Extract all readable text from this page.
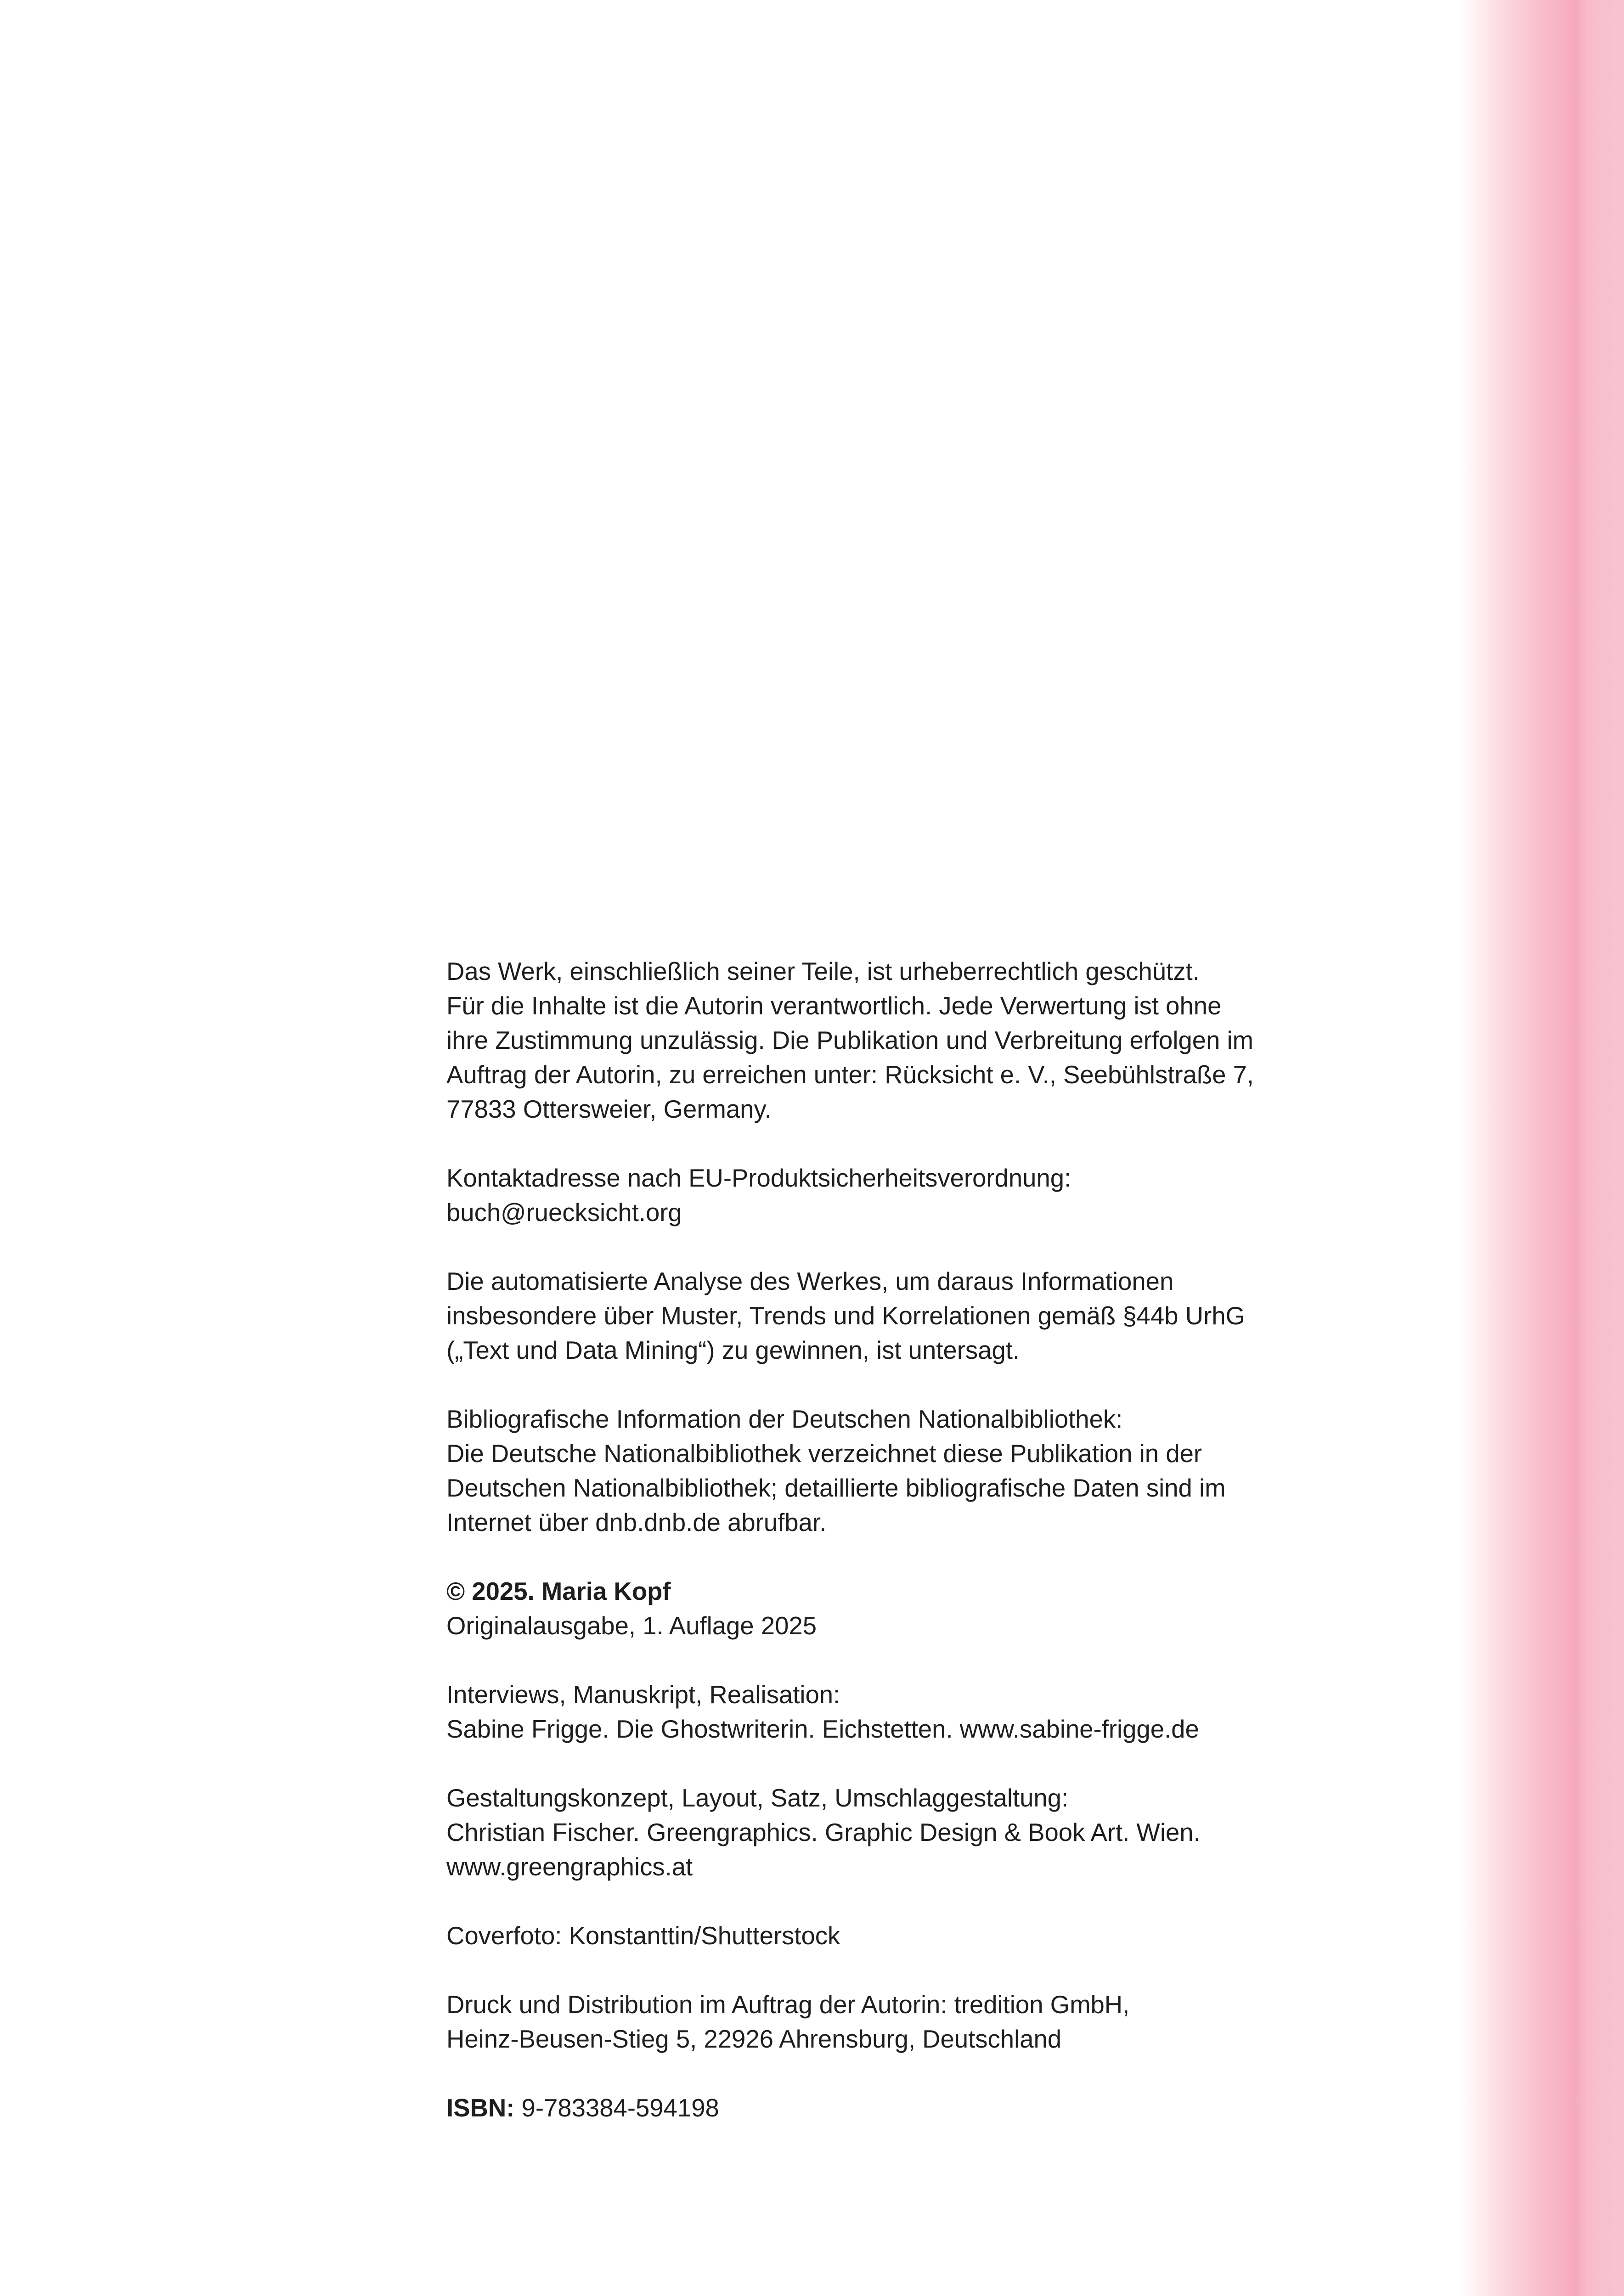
Das Werk, einschließlich seiner Teile, ist urheberrechtlich geschützt.
Für die Inhalte ist die Autorin verantwortlich. Jede Verwertung ist ohne
ihre Zustimmung unzulässig. Die Publikation und Verbreitung erfolgen im
Auftrag der Autorin, zu erreichen unter: Rücksicht e. V., Seebühlstraße 7,
77833 Ottersweier, Germany.

Kontaktadresse nach EU-Produktsicherheitsverordnung:
buch@ruecksicht.org

Die automatisierte Analyse des Werkes, um daraus Informationen
insbesondere über Muster, Trends und Korrelationen gemäß §44b UrhG
(„Text und Data Mining“) zu gewinnen, ist untersagt.

Bibliografische Information der Deutschen Nationalbibliothek:
Die Deutsche Nationalbibliothek verzeichnet diese Publikation in der
Deutschen Nationalbibliothek; detaillierte bibliografische Daten sind im
Internet über dnb.dnb.de abrufbar.

© 2025. Maria Kopf
Originalausgabe, 1. Auflage 2025

Interviews, Manuskript, Realisation:
Sabine Frigge. Die Ghostwriterin. Eichstetten. www.sabine-frigge.de

Gestaltungskonzept, Layout, Satz, Umschlaggestaltung:
Christian Fischer. Greengraphics. Graphic Design & Book Art. Wien.
www.greengraphics.at

Coverfoto: Konstanttin/Shutterstock

Druck und Distribution im Auftrag der Autorin: tredition GmbH,
Heinz-Beusen-Stieg 5, 22926 Ahrensburg, Deutschland

ISBN: 9-783384-594198
